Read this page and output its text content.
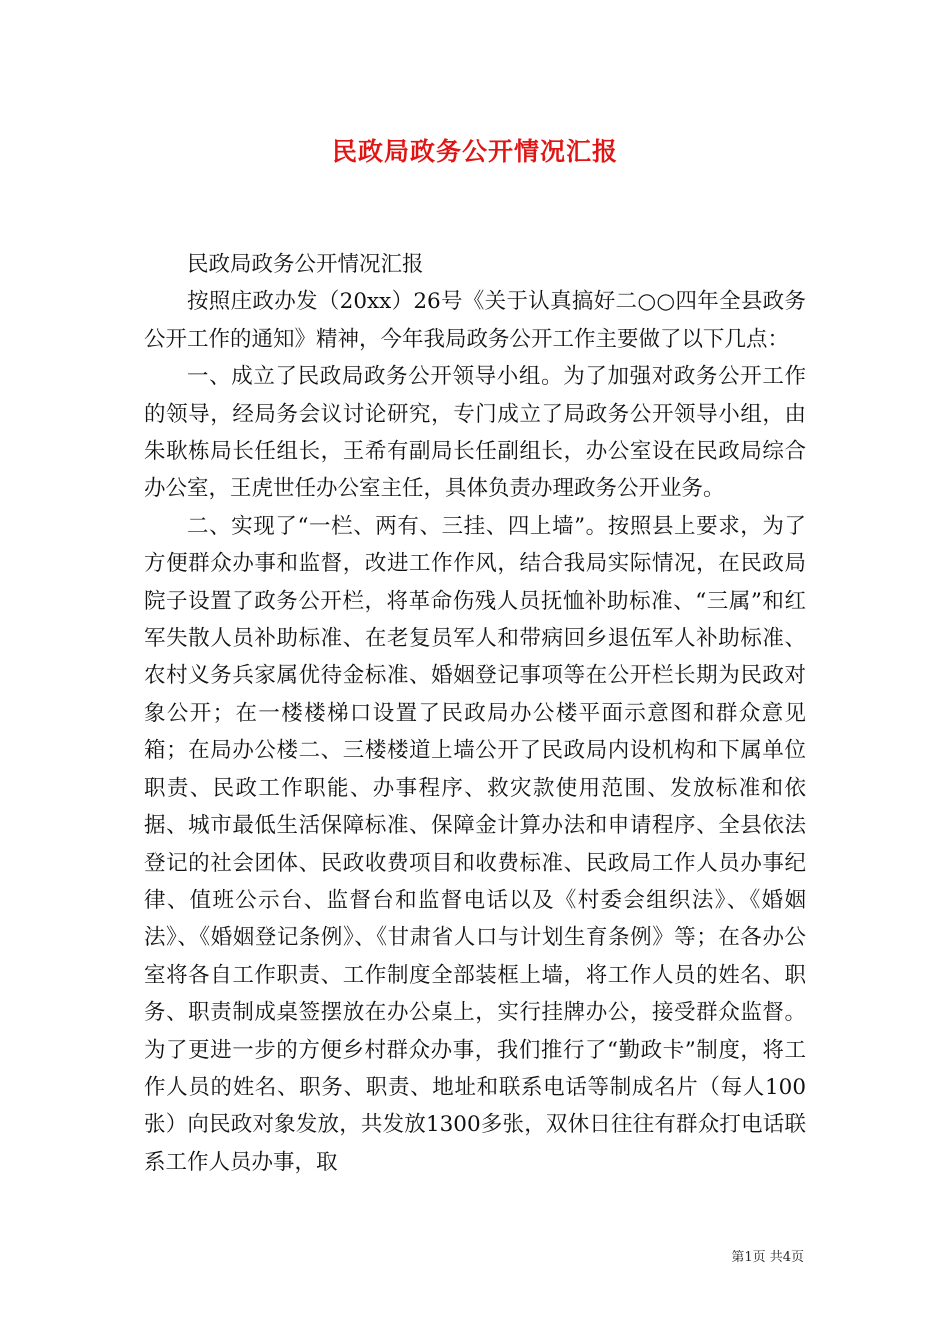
民政局政务公开情况汇报

民政局政务公开情况汇报

按照庄政办发（20xx）26号《关于认真搞好二○○四年全县政务公开工作的通知》精神，今年我局政务公开工作主要做了以下几点：

一、成立了民政局政务公开领导小组。为了加强对政务公开工作的领导，经局务会议讨论研究，专门成立了局政务公开领导小组，由朱耿栋局长任组长，王希有副局长任副组长，办公室设在民政局综合办公室，王虎世任办公室主任，具体负责办理政务公开业务。

二、实现了“一栏、两有、三挂、四上墙”。按照县上要求，为了方便群众办事和监督，改进工作作风，结合我局实际情况，在民政局院子设置了政务公开栏，将革命伤残人员抚恤补助标准、“三属”和红军失散人员补助标准、在老复员军人和带病回乡退伍军人补助标准、农村义务兵家属优待金标准、婚姻登记事项等在公开栏长期为民政对象公开；在一楼楼梯口设置了民政局办公楼平面示意图和群众意见箱；在局办公楼二、三楼楼道上墙公开了民政局内设机构和下属单位职责、民政工作职能、办事程序、救灾款使用范围、发放标准和依据、城市最低生活保障标准、保障金计算办法和申请程序、全县依法登记的社会团体、民政收费项目和收费标准、民政局工作人员办事纪律、值班公示台、监督台和监督电话以及《村委会组织法》、《婚姻法》、《婚姻登记条例》、《甘肃省人口与计划生育条例》等；在各办公室将各自工作职责、工作制度全部装框上墙，将工作人员的姓名、职务、职责制成桌签摆放在办公桌上，实行挂牌办公，接受群众监督。为了更进一步的方便乡村群众办事，我们推行了“勤政卡”制度，将工作人员的姓名、职务、职责、地址和联系电话等制成名片（每人100张）向民政对象发放，共发放1300多张，双休日往往有群众打电话联系工作人员办事，取

第1页 共4页
